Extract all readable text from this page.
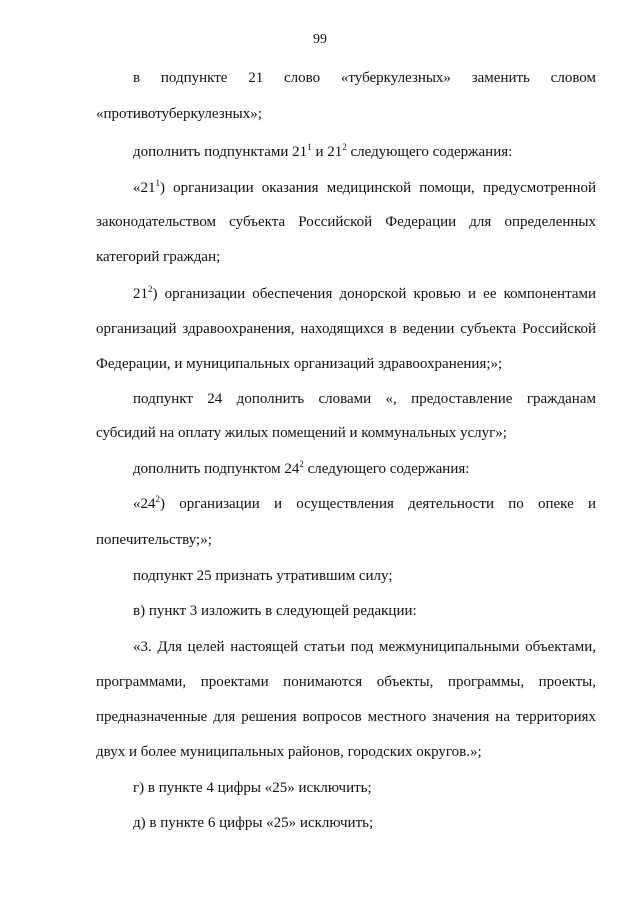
99
в подпункте 21 слово «туберкулезных» заменить словом
«противотуберкулезных»;
дополнить подпунктами $21^1$ и $21^2$ следующего содержания:
«$21^1$) организации оказания медицинской помощи, предусмотренной
законодательством субъекта Российской Федерации для определенных
категорий граждан;
$21^2$) организации обеспечения донорской кровью и ее компонентами
организаций здравоохранения, находящихся в ведении субъекта Российской
Федерации, и муниципальных организаций здравоохранения;»;
подпункт 24 дополнить словами «, предоставление гражданам
субсидий на оплату жилых помещений и коммунальных услуг»;
дополнить подпунктом $24^2$ следующего содержания:
«$24^2$) организации и осуществления деятельности по опеке и
попечительству;»;
подпункт 25 признать утратившим силу;
в) пункт 3 изложить в следующей редакции:
«3. Для целей настоящей статьи под межмуниципальными объектами,
программами, проектами понимаются объекты, программы, проекты,
предназначенные для решения вопросов местного значения на территориях
двух и более муниципальных районов, городских округов.»;
г) в пункте 4 цифры «25» исключить;
д) в пункте 6 цифры «25» исключить;
